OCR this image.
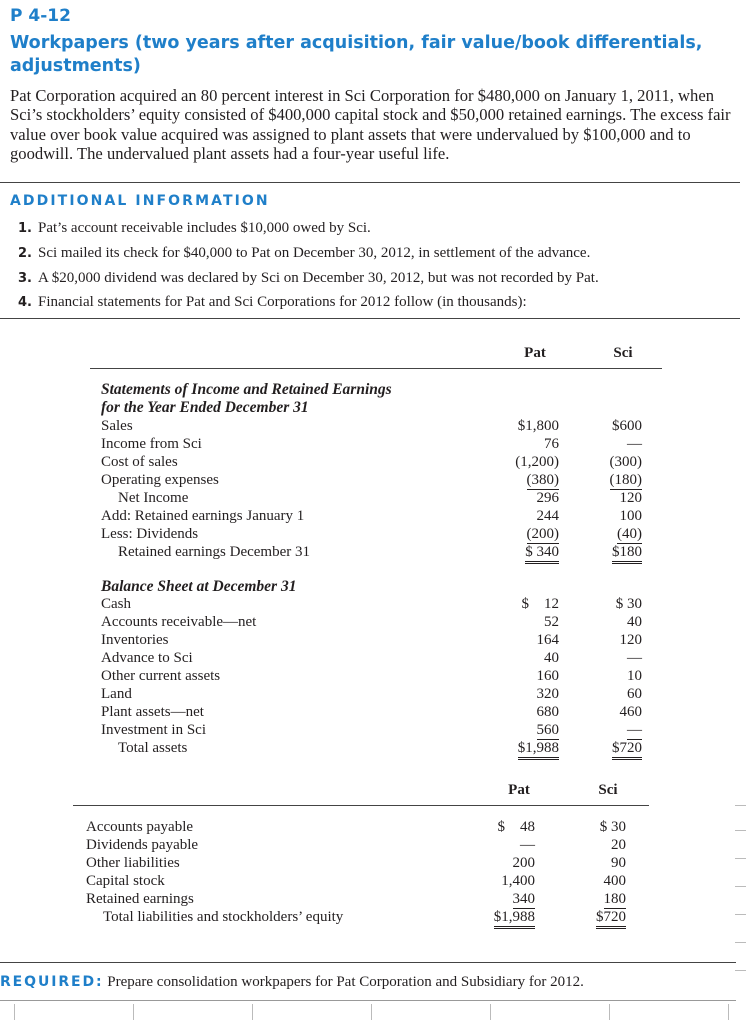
P 4-12
Workpapers (two years after acquisition, fair value/book differentials, adjustments)
Pat Corporation acquired an 80 percent interest in Sci Corporation for $480,000 on January 1, 2011, when Sci’s stockholders’ equity consisted of $400,000 capital stock and $50,000 retained earnings. The excess fair value over book value acquired was assigned to plant assets that were undervalued by $100,000 and to goodwill. The undervalued plant assets had a four-year useful life.
ADDITIONAL INFORMATION
1. Pat’s account receivable includes $10,000 owed by Sci.
2. Sci mailed its check for $40,000 to Pat on December 30, 2012, in settlement of the advance.
3. A $20,000 dividend was declared by Sci on December 30, 2012, but was not recorded by Pat.
4. Financial statements for Pat and Sci Corporations for 2012 follow (in thousands):
Pat	Sci
Statements of Income and Retained Earnings
for the Year Ended December 31
Sales	$1,800	$600
Income from Sci	76	—
Cost of sales	(1,200)	(300)
Operating expenses	(380)	(180)
Net Income	296	120
Add: Retained earnings January 1	244	100
Less: Dividends	(200)	(40)
Retained earnings December 31	$ 340	$180
Balance Sheet at December 31
Cash	$    12	$ 30
Accounts receivable—net	52	40
Inventories	164	120
Advance to Sci	40	—
Other current assets	160	10
Land	320	60
Plant assets—net	680	460
Investment in Sci	560	—
Total assets	$1,988	$720
Pat	Sci
Accounts payable	$    48	$ 30
Dividends payable	—	20
Other liabilities	200	90
Capital stock	1,400	400
Retained earnings	340	180
Total liabilities and stockholders’ equity	$1,988	$720
REQUIRED: Prepare consolidation workpapers for Pat Corporation and Subsidiary for 2012.
